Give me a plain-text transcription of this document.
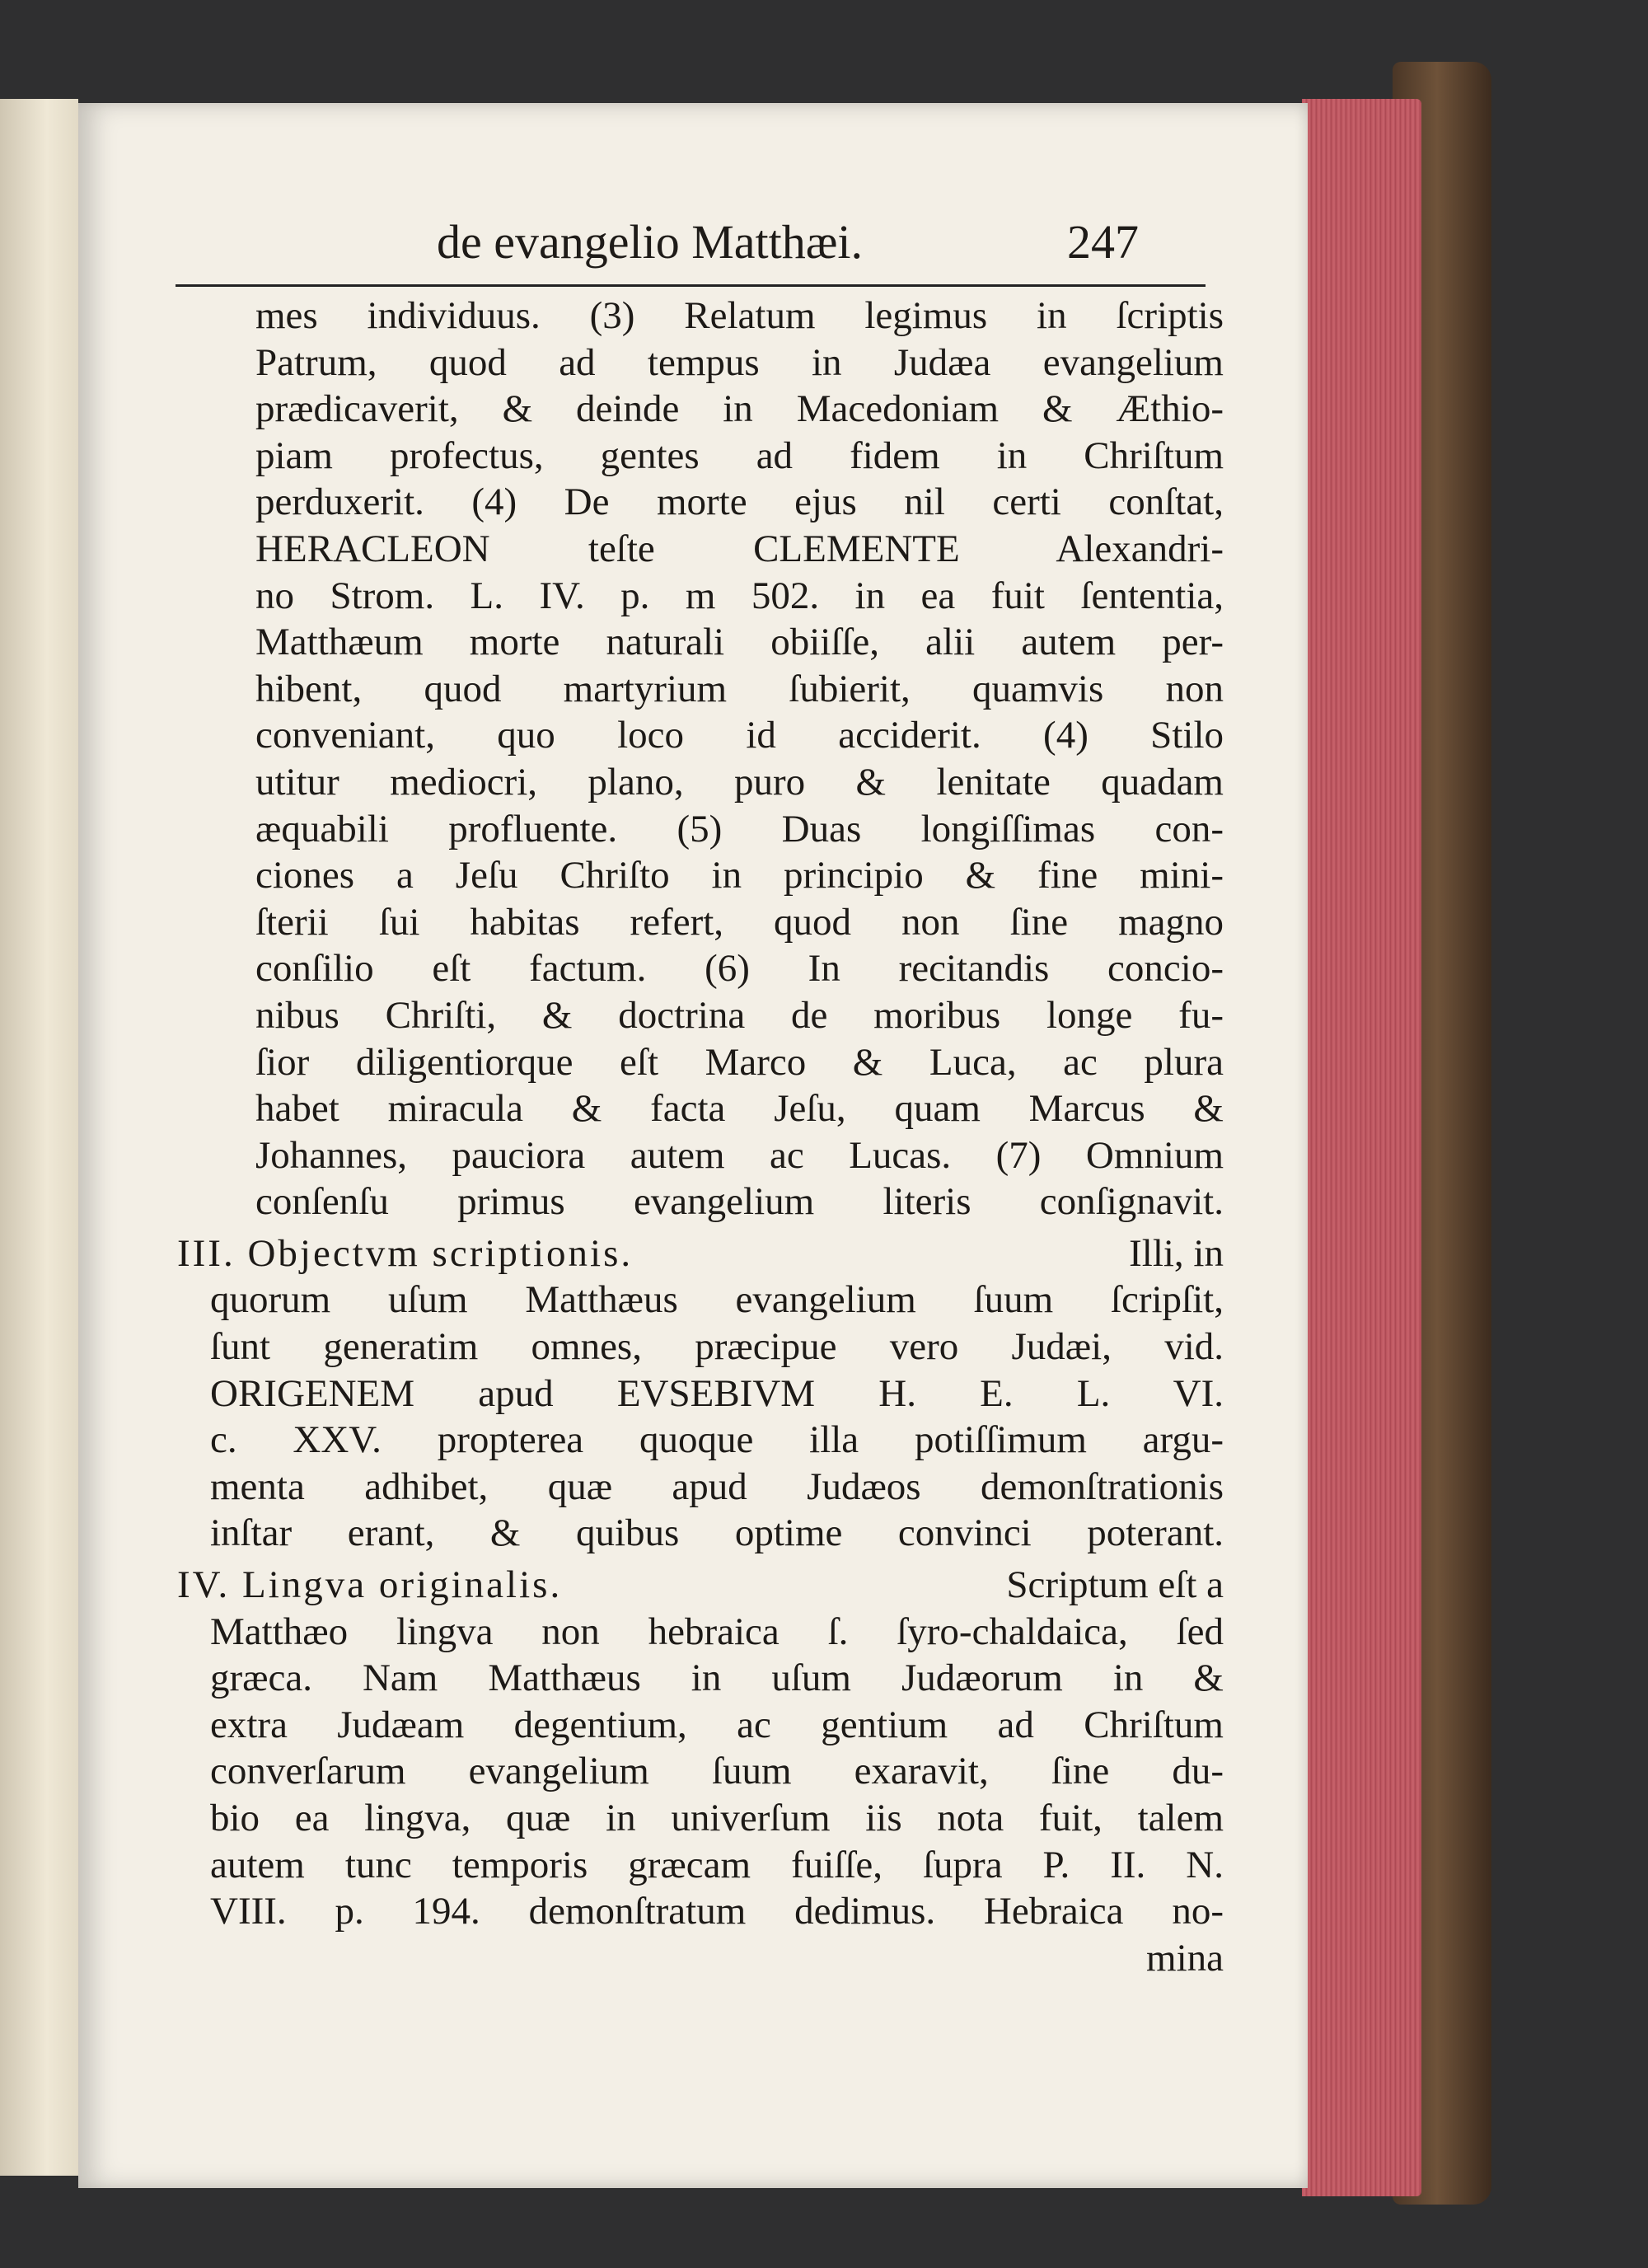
de evangelio Matthæi.	247
mes individuus. (3) Relatum legimus in ſcriptis
Patrum, quod ad tempus in Judæa evangelium
prædicaverit, & deinde in Macedoniam & Æthio-
piam profectus, gentes ad fidem in Chriſtum
perduxerit. (4) De morte ejus nil certi conſtat,
HERACLEON teſte CLEMENTE Alexandri-
no Strom. L. IV. p. m 502. in ea fuit ſententia,
Matthæum morte naturali obiiſſe, alii autem per-
hibent, quod martyrium ſubierit, quamvis non
conveniant, quo loco id acciderit. (4) Stilo
utitur mediocri, plano, puro & lenitate quadam
æquabili profluente. (5) Duas longiſſimas con-
ciones a Jeſu Chriſto in principio & fine mini-
ſterii ſui habitas refert, quod non ſine magno
conſilio eſt factum. (6) In recitandis concio-
nibus Chriſti, & doctrina de moribus longe fu-
ſior diligentiorque eſt Marco & Luca, ac plura
habet miracula & facta Jeſu, quam Marcus &
Johannes, pauciora autem ac Lucas. (7) Omnium
conſenſu primus evangelium literis conſignavit.
III. Objectvm scriptionis.	Illi, in
quorum uſum Matthæus evangelium ſuum ſcripſit,
ſunt generatim omnes, præcipue vero Judæi, vid.
ORIGENEM apud EVSEBIVM H. E. L. VI.
c. XXV. propterea quoque illa potiſſimum argu-
menta adhibet, quæ apud Judæos demonſtrationis
inſtar erant, & quibus optime convinci poterant.
IV. Lingva originalis.	Scriptum eſt a
Matthæo lingva non hebraica ſ. ſyro-chaldaica, ſed
græca. Nam Matthæus in uſum Judæorum in &
extra Judæam degentium, ac gentium ad Chriſtum
converſarum evangelium ſuum exaravit, ſine du-
bio ea lingva, quæ in univerſum iis nota fuit, talem
autem tunc temporis græcam fuiſſe, ſupra P. II. N.
VIII. p. 194. demonſtratum dedimus. Hebraica no-
mina
